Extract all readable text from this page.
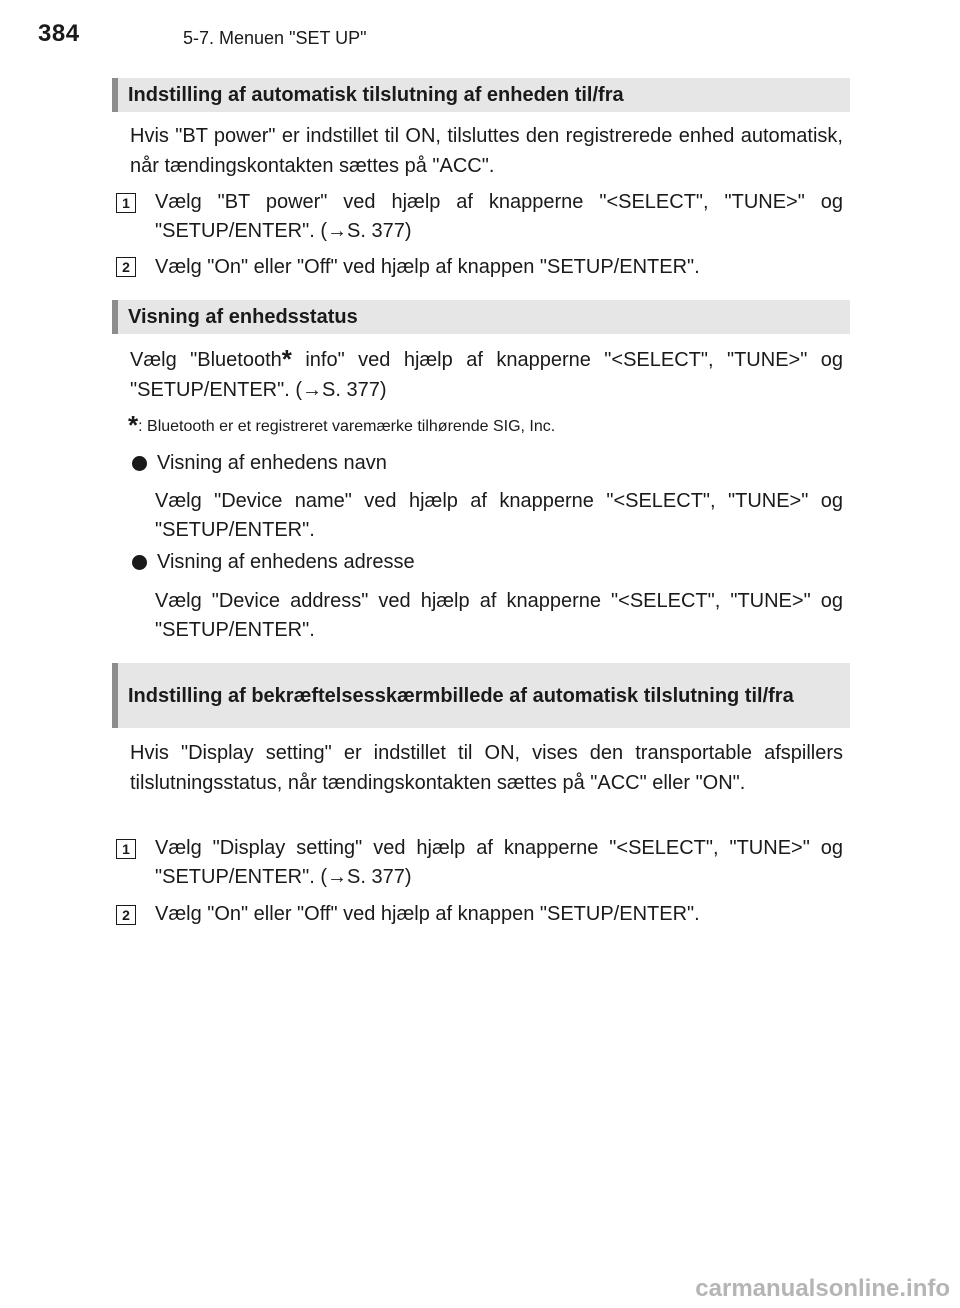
384	5-7. Menuen "SET UP"
Indstilling af automatisk tilslutning af enheden til/fra
Hvis "BT power" er indstillet til ON, tilsluttes den registrerede enhed automatisk, når tændingskontakten sættes på "ACC".
1	Vælg "BT power" ved hjælp af knapperne "<SELECT", "TUNE>" og "SETUP/ENTER". (→S. 377)
2	Vælg "On" eller "Off" ved hjælp af knappen "SETUP/ENTER".
Visning af enhedsstatus
Vælg "Bluetooth* info" ved hjælp af knapperne "<SELECT", "TUNE>" og "SETUP/ENTER". (→S. 377)
*: Bluetooth er et registreret varemærke tilhørende SIG, Inc.
Visning af enhedens navn
Vælg "Device name" ved hjælp af knapperne "<SELECT", "TUNE>" og "SETUP/ENTER".
Visning af enhedens adresse
Vælg "Device address" ved hjælp af knapperne "<SELECT", "TUNE>" og "SETUP/ENTER".
Indstilling af bekræftelsesskærmbillede af automatisk tilslutning til/fra
Hvis "Display setting" er indstillet til ON, vises den transportable afspillers tilslutningsstatus, når tændingskontakten sættes på "ACC" eller "ON".
1	Vælg "Display setting" ved hjælp af knapperne "<SELECT", "TUNE>" og "SETUP/ENTER". (→S. 377)
2	Vælg "On" eller "Off" ved hjælp af knappen "SETUP/ENTER".
carmanualsonline.info
